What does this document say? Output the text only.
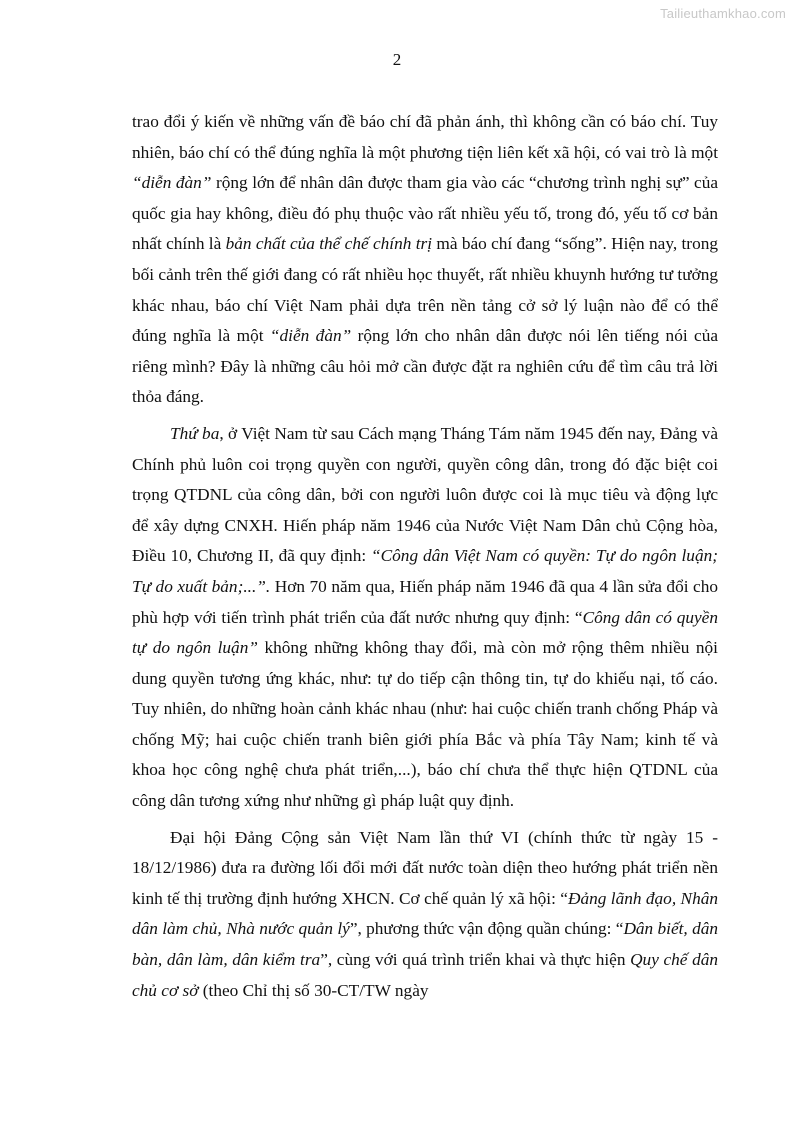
Tailieuthamkhao.com
2

trao đổi ý kiến về những vấn đề báo chí đã phản ánh, thì không cần có báo chí. Tuy nhiên, báo chí có thể đúng nghĩa là một phương tiện liên kết xã hội, có vai trò là một “diễn đàn” rộng lớn để nhân dân được tham gia vào các “chương trình nghị sự” của quốc gia hay không, điều đó phụ thuộc vào rất nhiều yếu tố, trong đó, yếu tố cơ bản nhất chính là bản chất của thể chế chính trị mà báo chí đang “sống”. Hiện nay, trong bối cảnh trên thế giới đang có rất nhiều học thuyết, rất nhiều khuynh hướng tư tưởng khác nhau, báo chí Việt Nam phải dựa trên nền tảng cở sở lý luận nào để có thể đúng nghĩa là một “diễn đàn” rộng lớn cho nhân dân được nói lên tiếng nói của riêng mình? Đây là những câu hỏi mở cần được đặt ra nghiên cứu để tìm câu trả lời thỏa đáng.

Thứ ba, ở Việt Nam từ sau Cách mạng Tháng Tám năm 1945 đến nay, Đảng và Chính phủ luôn coi trọng quyền con người, quyền công dân, trong đó đặc biệt coi trọng QTDNL của công dân, bởi con người luôn được coi là mục tiêu và động lực để xây dựng CNXH. Hiến pháp năm 1946 của Nước Việt Nam Dân chủ Cộng hòa, Điều 10, Chương II, đã quy định: “Công dân Việt Nam có quyền: Tự do ngôn luận; Tự do xuất bản;...”. Hơn 70 năm qua, Hiến pháp năm 1946 đã qua 4 lần sửa đổi cho phù hợp với tiến trình phát triển của đất nước nhưng quy định: “Công dân có quyền tự do ngôn luận” không những không thay đổi, mà còn mở rộng thêm nhiều nội dung quyền tương ứng khác, như: tự do tiếp cận thông tin, tự do khiếu nại, tố cáo. Tuy nhiên, do những hoàn cảnh khác nhau (như: hai cuộc chiến tranh chống Pháp và chống Mỹ; hai cuộc chiến tranh biên giới phía Bắc và phía Tây Nam; kinh tế và khoa học công nghệ chưa phát triển,...), báo chí chưa thể thực hiện QTDNL của công dân tương xứng như những gì pháp luật quy định.

Đại hội Đảng Cộng sản Việt Nam lần thứ VI (chính thức từ ngày 15 - 18/12/1986) đưa ra đường lối đổi mới đất nước toàn diện theo hướng phát triển nền kinh tế thị trường định hướng XHCN. Cơ chế quản lý xã hội: “Đảng lãnh đạo, Nhân dân làm chủ, Nhà nước quản lý”, phương thức vận động quần chúng: “Dân biết, dân bàn, dân làm, dân kiểm tra”, cùng với quá trình triển khai và thực hiện Quy chế dân chủ cơ sở (theo Chỉ thị số 30-CT/TW ngày
